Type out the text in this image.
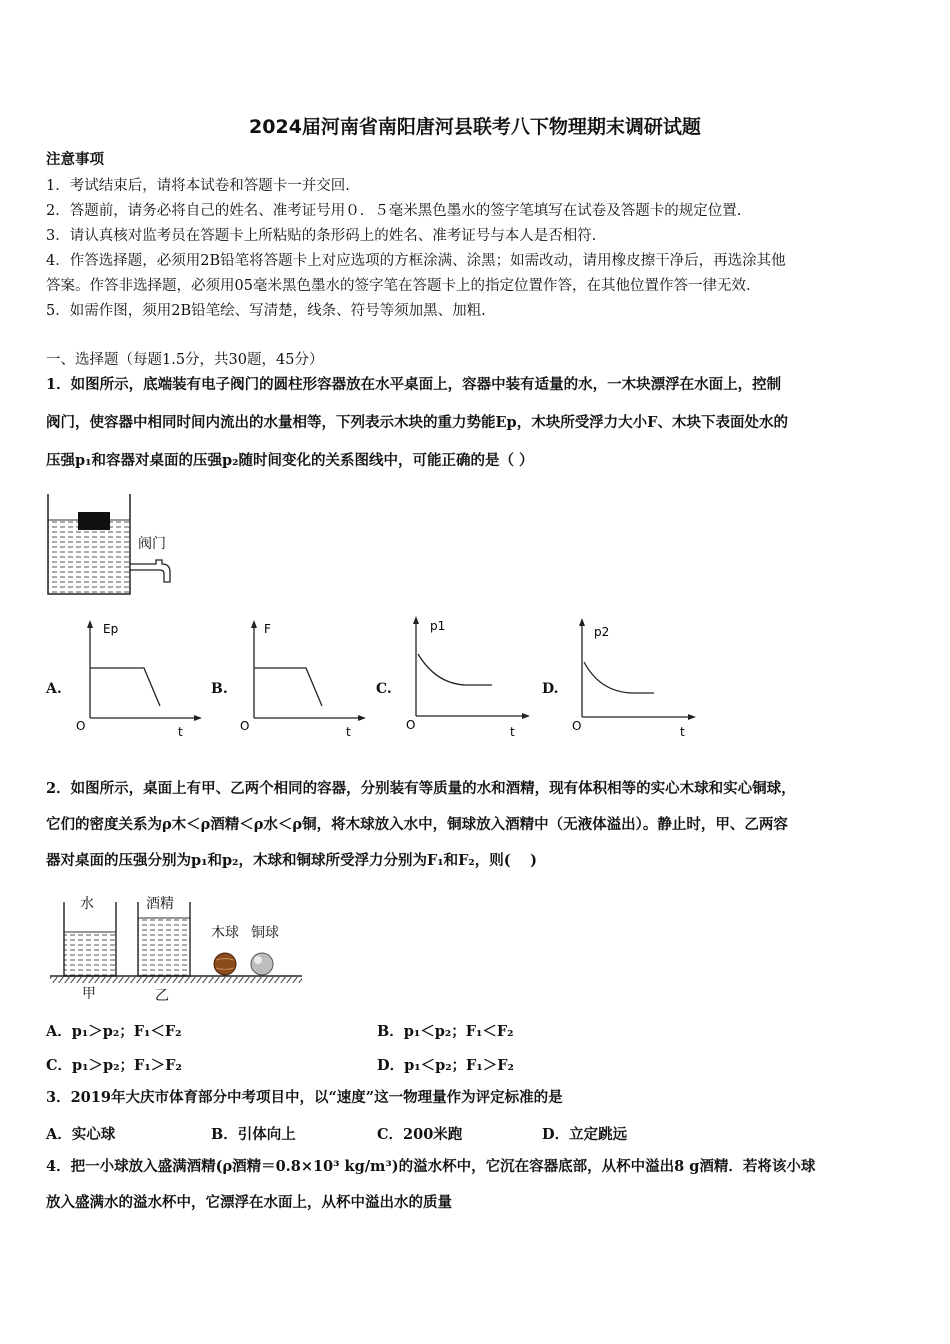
2024届河南省南阳唐河县联考八下物理期末调研试题
注意事项
1．考试结束后，请将本试卷和答题卡一并交回.
2．答题前，请务必将自己的姓名、准考证号用０．５毫米黑色墨水的签字笔填写在试卷及答题卡的规定位置.
3．请认真核对监考员在答题卡上所粘贴的条形码上的姓名、准考证号与本人是否相符.
4．作答选择题，必须用2B铅笔将答题卡上对应选项的方框涂满、涂黑；如需改动，请用橡皮擦干净后，再选涂其他
答案。作答非选择题，必须用05毫米黑色墨水的签字笔在答题卡上的指定位置作答，在其他位置作答一律无效.
5．如需作图，须用2B铅笔绘、写清楚，线条、符号等须加黑、加粗.
一、选择题（每题1.5分，共30题，45分）
1．如图所示，底端装有电子阀门的圆柱形容器放在水平桌面上，容器中装有适量的水，一木块漂浮在水面上，控制
阀门，使容器中相同时间内流出的水量相等，下列表示木块的重力势能Ep，木块所受浮力大小F、木块下表面处水的
压强p₁和容器对桌面的压强p₂随时间变化的关系图线中，可能正确的是（ ）
阀门
A.
Ep
O	t
B.
F
O	t
C.
p1
O	t
D.
p2
O	t
2．如图所示，桌面上有甲、乙两个相同的容器，分别装有等质量的水和酒精，现有体积相等的实心木球和实心铜球，
它们的密度关系为ρ木＜ρ酒精＜ρ水＜ρ铜，将木球放入水中，铜球放入酒精中（无液体溢出）。静止时，甲、乙两容
器对桌面的压强分别为p₁和p₂，木球和铜球所受浮力分别为F₁和F₂，则(　 )
水	酒精
木球 铜球
甲	乙
A．p₁＞p₂；F₁＜F₂	B．p₁＜p₂；F₁＜F₂
C．p₁＞p₂；F₁＞F₂	D．p₁＜p₂；F₁＞F₂
3．2019年大庆市体育部分中考项目中，以“速度”这一物理量作为评定标准的是
A．实心球	B．引体向上	C．200米跑	D．立定跳远
4．把一小球放入盛满酒精(ρ酒精＝0.8×10³ kg/m³)的溢水杯中，它沉在容器底部，从杯中溢出8 g酒精．若将该小球
放入盛满水的溢水杯中，它漂浮在水面上，从杯中溢出水的质量
